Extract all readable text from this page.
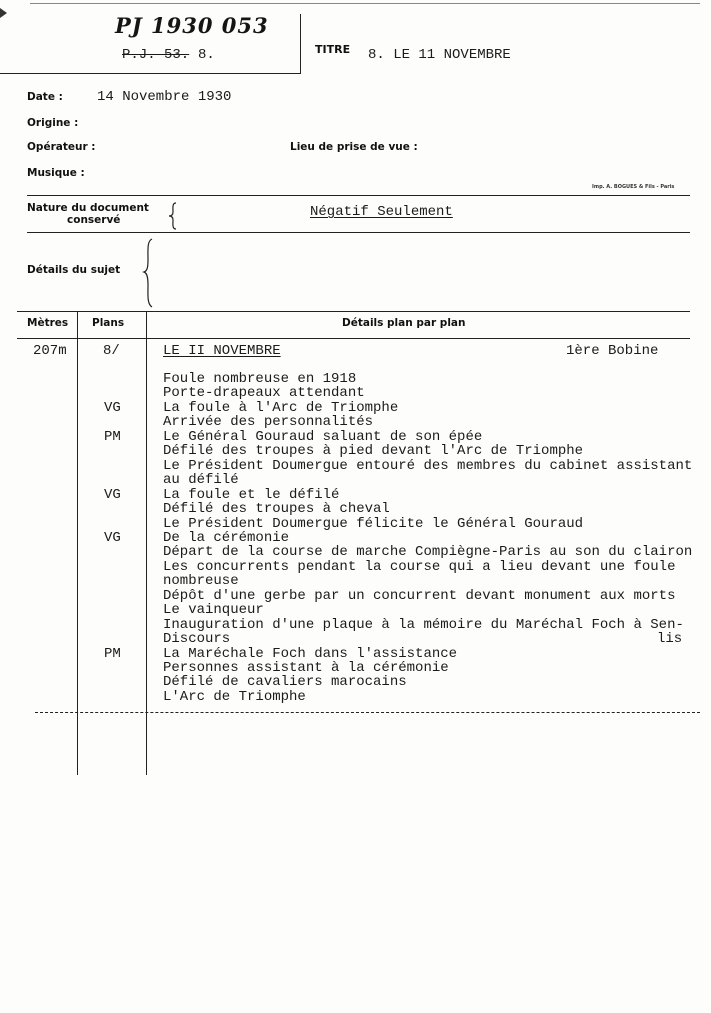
PJ 1930 053
P.J. 53. 8.	TITRE 8. LE 11 NOVEMBRE
Date : 14 Novembre 1930
Origine :
Opérateur :	Lieu de prise de vue :
Musique :
Imp. A. BOGUES & Fils - Paris
Nature du document
conservé	Négatif Seulement
Détails du sujet
Mètres Plans	Détails plan par plan
207m	8/	LE II NOVEMBRE	1ère Bobine
Foule nombreuse en 1918
Porte-drapeaux attendant
VG	La foule à l'Arc de Triomphe
Arrivée des personnalités
PM	Le Général Gouraud saluant de son épée
Défilé des troupes à pied devant l'Arc de Triomphe
Le Président Doumergue entouré des membres du cabinet assistant
au défilé
VG	La foule et le défilé
Défilé des troupes à cheval
Le Président Doumergue félicite le Général Gouraud
VG	De la cérémonie
Départ de la course de marche Compiègne-Paris au son du clairon
Les concurrents pendant la course qui a lieu devant une foule
nombreuse
Dépôt d'une gerbe par un concurrent devant monument aux morts
Le vainqueur
Inauguration d'une plaque à la mémoire du Maréchal Foch à Sen-
Discours	lis
PM	La Maréchale Foch dans l'assistance
Personnes assistant à la cérémonie
Défilé de cavaliers marocains
L'Arc de Triomphe
